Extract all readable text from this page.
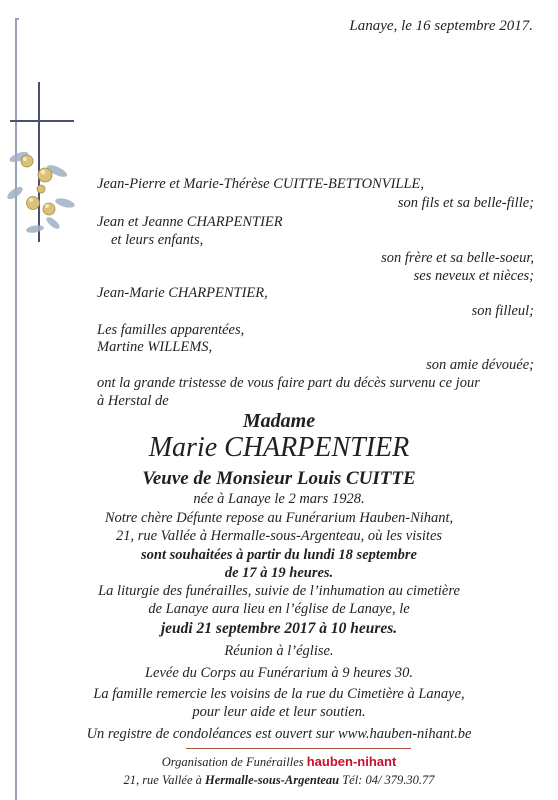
Lanaye, le 16 septembre 2017.
Jean-Pierre et Marie-Thérèse CUITTE-BETTONVILLE,
son fils et sa belle-fille;
Jean et Jeanne CHARPENTIER
et leurs enfants,
son frère et sa belle-soeur,
ses neveux et nièces;
Jean-Marie CHARPENTIER,
son filleul;
Les familles apparentées,
Martine WILLEMS,
son amie dévouée;
ont la grande tristesse de vous faire part du décès survenu ce jour
à Herstal de
Madame
Marie CHARPENTIER
Veuve de Monsieur Louis CUITTE
née à Lanaye le 2 mars 1928.
Notre chère Défunte repose au Funérarium Hauben-Nihant,
21, rue Vallée à Hermalle-sous-Argenteau, où les visites
sont souhaitées à partir du lundi 18 septembre
de 17 à 19 heures.
La liturgie des funérailles, suivie de l’inhumation au cimetière
de Lanaye aura lieu en l’église de Lanaye, le
jeudi 21 septembre 2017 à 10 heures.
Réunion à l’église.
Levée du Corps au Funérarium à 9 heures 30.
La famille remercie les voisins de la rue du Cimetière à Lanaye,
pour leur aide et leur soutien.
Un registre de condoléances est ouvert sur www.hauben-nihant.be
Organisation de Funérailles hauben-nihant
21, rue Vallée à Hermalle-sous-Argenteau Tél: 04/ 379.30.77
